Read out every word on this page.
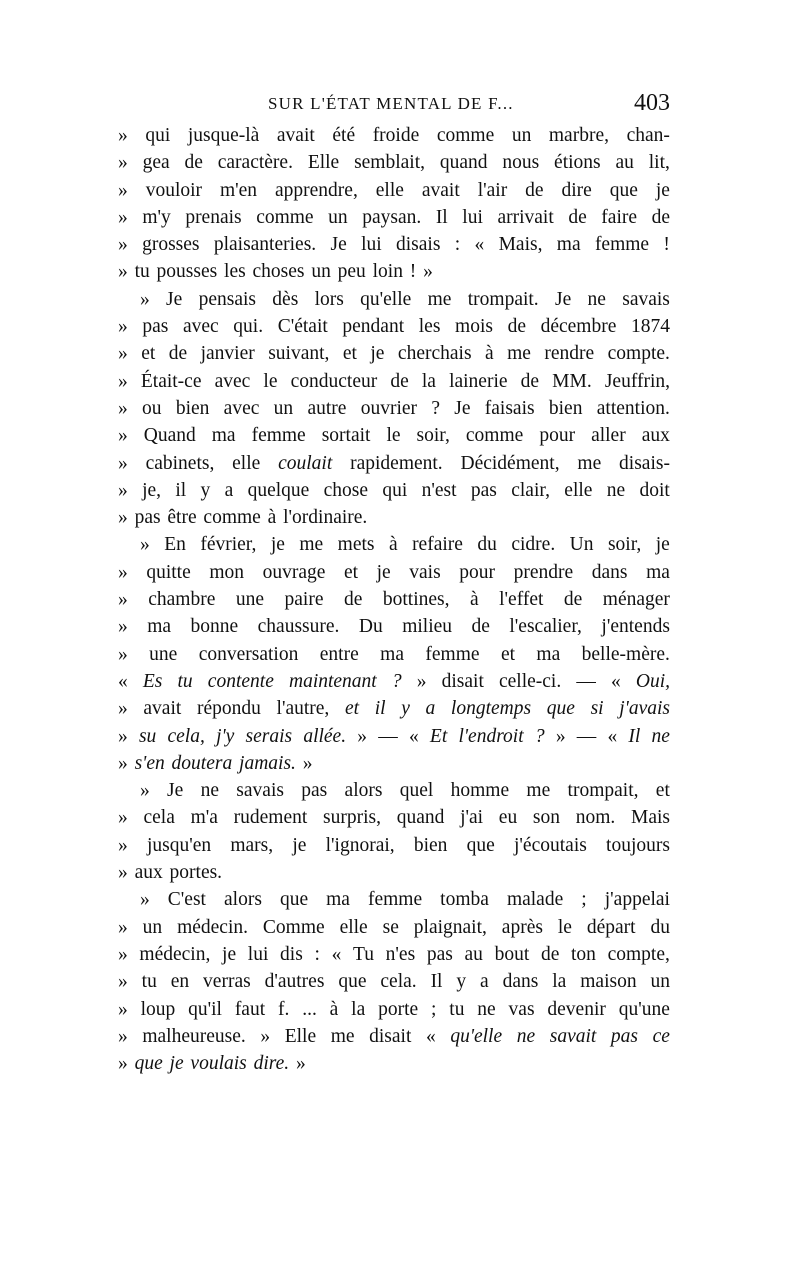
SUR L'ÉTAT MENTAL DE F...	403
» qui jusque-là avait été froide comme un marbre, chan-
» gea de caractère. Elle semblait, quand nous étions au lit,
» vouloir m'en apprendre, elle avait l'air de dire que je
» m'y prenais comme un paysan. Il lui arrivait de faire de
» grosses plaisanteries. Je lui disais : « Mais, ma femme !
» tu pousses les choses un peu loin ! »
» Je pensais dès lors qu'elle me trompait. Je ne savais
» pas avec qui. C'était pendant les mois de décembre 1874
» et de janvier suivant, et je cherchais à me rendre compte.
» Était-ce avec le conducteur de la lainerie de MM. Jeuffrin,
» ou bien avec un autre ouvrier ? Je faisais bien attention.
» Quand ma femme sortait le soir, comme pour aller aux
» cabinets, elle coulait rapidement. Décidément, me disais-
» je, il y a quelque chose qui n'est pas clair, elle ne doit
» pas être comme à l'ordinaire.
» En février, je me mets à refaire du cidre. Un soir, je
» quitte mon ouvrage et je vais pour prendre dans ma
» chambre une paire de bottines, à l'effet de ménager
» ma bonne chaussure. Du milieu de l'escalier, j'entends
» une conversation entre ma femme et ma belle-mère.
« Es tu contente maintenant ? » disait celle-ci. — « Oui,
» avait répondu l'autre, et il y a longtemps que si j'avais
» su cela, j'y serais allée. » — « Et l'endroit ? » — « Il ne
» s'en doutera jamais. »
» Je ne savais pas alors quel homme me trompait, et
» cela m'a rudement surpris, quand j'ai eu son nom. Mais
» jusqu'en mars, je l'ignorai, bien que j'écoutais toujours
» aux portes.
» C'est alors que ma femme tomba malade ; j'appelai
» un médecin. Comme elle se plaignait, après le départ du
» médecin, je lui dis : « Tu n'es pas au bout de ton compte,
» tu en verras d'autres que cela. Il y a dans la maison un
» loup qu'il faut f. ... à la porte ; tu ne vas devenir qu'une
» malheureuse. » Elle me disait « qu'elle ne savait pas ce
» que je voulais dire. »
